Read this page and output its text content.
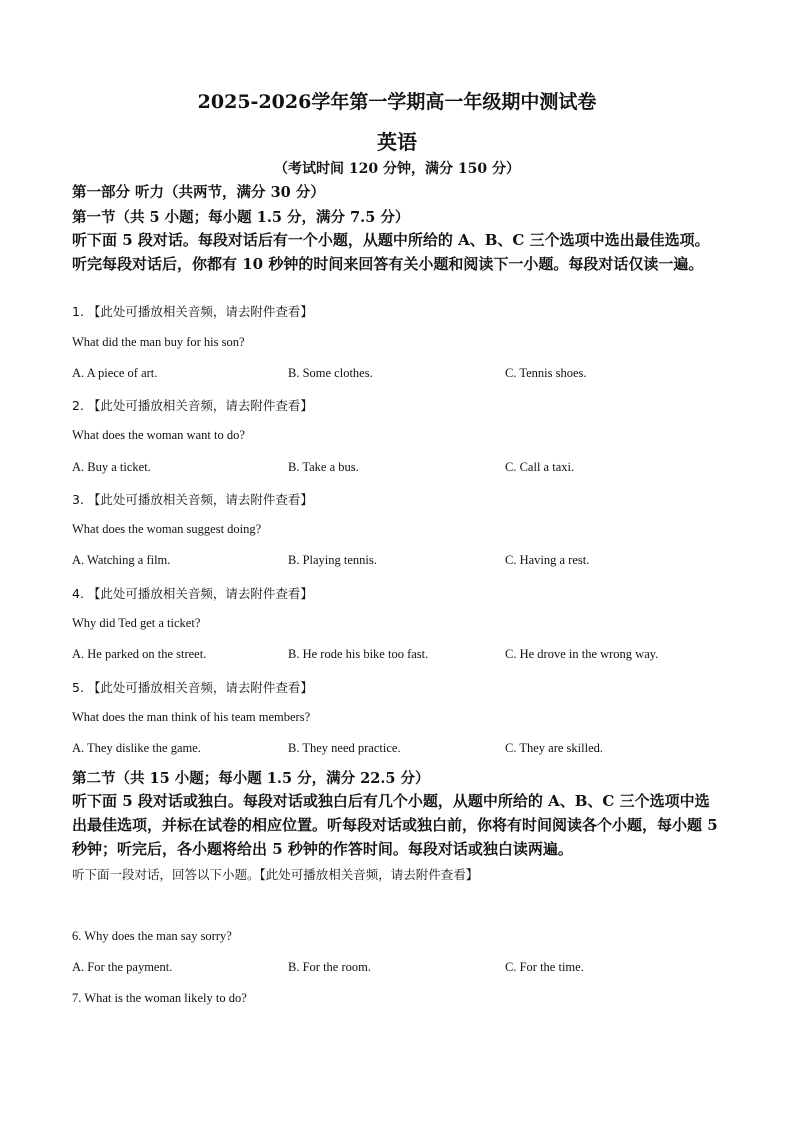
2025-2026学年第一学期高一年级期中测试卷
英语
（考试时间 120 分钟，满分 150 分）
第一部分 听力（共两节，满分 30 分）
第一节（共 5 小题；每小题 1.5 分，满分 7.5 分）
听下面 5 段对话。每段对话后有一个小题，从题中所给的 A、B、C 三个选项中选出最佳选项。听完每段对话后，你都有 10 秒钟的时间来回答有关小题和阅读下一小题。每段对话仅读一遍。
1. 【此处可播放相关音频，请去附件查看】
What did the man buy for his son?
A. A piece of art.	B. Some clothes.	C. Tennis shoes.
2. 【此处可播放相关音频，请去附件查看】
What does the woman want to do?
A. Buy a ticket.	B. Take a bus.	C. Call a taxi.
3. 【此处可播放相关音频，请去附件查看】
What does the woman suggest doing?
A. Watching a film.	B. Playing tennis.	C. Having a rest.
4. 【此处可播放相关音频，请去附件查看】
Why did Ted get a ticket?
A. He parked on the street.	B. He rode his bike too fast.	C. He drove in the wrong way.
5. 【此处可播放相关音频，请去附件查看】
What does the man think of his team members?
A. They dislike the game.	B. They need practice.	C. They are skilled.
第二节（共 15 小题；每小题 1.5 分，满分 22.5 分）
听下面 5 段对话或独白。每段对话或独白后有几个小题，从题中所给的 A、B、C 三个选项中选出最佳选项，并标在试卷的相应位置。听每段对话或独白前，你将有时间阅读各个小题，每小题 5 秒钟；听完后，各小题将给出 5 秒钟的作答时间。每段对话或独白读两遍。
听下面一段对话，回答以下小题。【此处可播放相关音频，请去附件查看】
6. Why does the man say sorry?
A. For the payment.	B. For the room.	C. For the time.
7. What is the woman likely to do?
